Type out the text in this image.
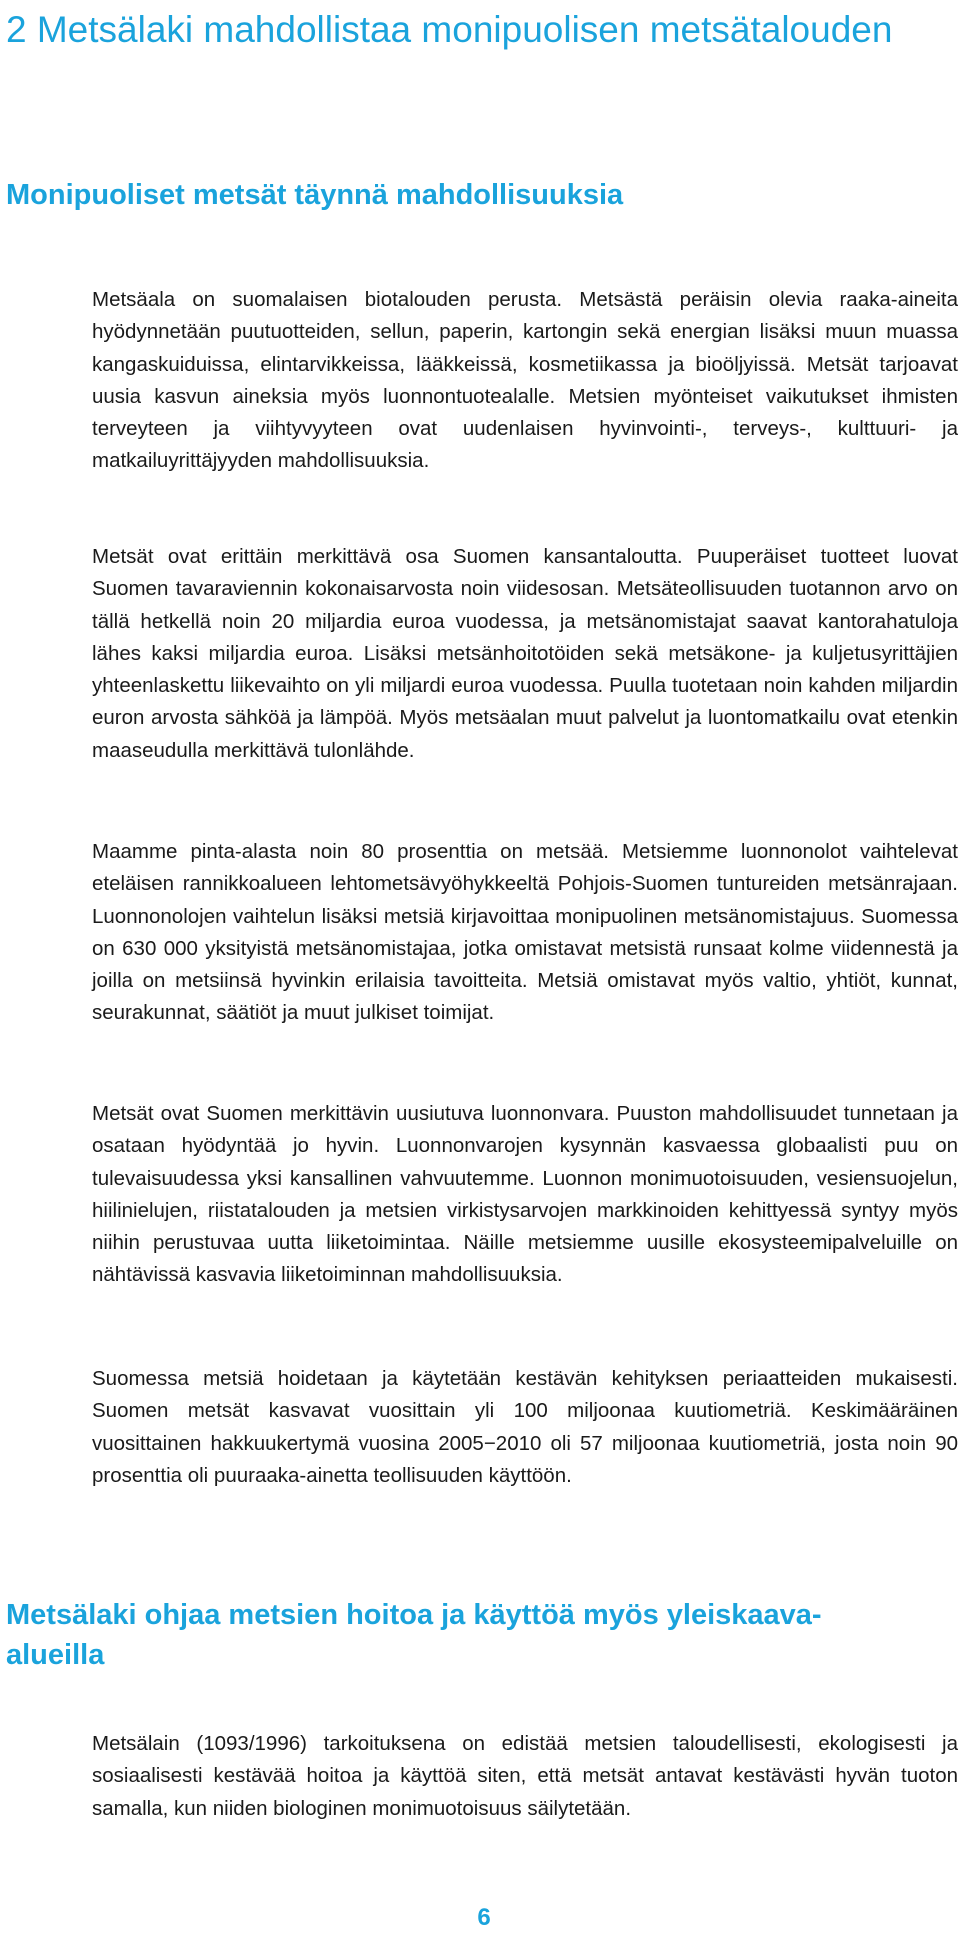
2 Metsälaki mahdollistaa monipuolisen metsätalouden
Monipuoliset metsät täynnä mahdollisuuksia

Metsäala on suomalaisen biotalouden perusta. Metsästä peräisin olevia raaka-aineita hyödynnetään puutuotteiden, sellun, paperin, kartongin sekä energian lisäksi muun muassa kangaskuiduissa, elintarvikkeissa, lääkkeissä, kosmetiikassa ja bioöljyissä. Metsät tarjoavat uusia kasvun aineksia myös luonnontuotealalle. Metsien myönteiset vaikutukset ihmisten terveyteen ja viihtyvyyteen ovat uudenlaisen hyvinvointi-, terveys-, kulttuuri- ja matkailuyrittäjyyden mahdollisuuksia.

Metsät ovat erittäin merkittävä osa Suomen kansantaloutta. Puuperäiset tuotteet luovat Suomen tavaraviennin kokonaisarvosta noin viidesosan. Metsäteollisuuden tuotannon arvo on tällä hetkellä noin 20 miljardia euroa vuodessa, ja metsänomistajat saavat kantorahatuloja lähes kaksi miljardia euroa. Lisäksi metsänhoitotöiden sekä metsäkone- ja kuljetusyrittäjien yhteenlaskettu liikevaihto on yli miljardi euroa vuodessa. Puulla tuotetaan noin kahden miljardin euron arvosta sähköä ja lämpöä. Myös metsäalan muut palvelut ja luontomatkailu ovat etenkin maaseudulla merkittävä tulonlähde.

Maamme pinta-alasta noin 80 prosenttia on metsää. Metsiemme luonnonolot vaihtelevat eteläisen rannikkoalueen lehtometsävyöhykkeeltä Pohjois-Suomen tuntureiden metsänrajaan. Luonnonolojen vaihtelun lisäksi metsiä kirjavoittaa monipuolinen metsänomistajuus. Suomessa on 630 000 yksityistä metsänomistajaa, jotka omistavat metsistä runsaat kolme viidennestä ja joilla on metsiinsä hyvinkin erilaisia tavoitteita. Metsiä omistavat myös valtio, yhtiöt, kunnat, seurakunnat, säätiöt ja muut julkiset toimijat.

Metsät ovat Suomen merkittävin uusiutuva luonnonvara. Puuston mahdollisuudet tunnetaan ja osataan hyödyntää jo hyvin. Luonnonvarojen kysynnän kasvaessa globaalisti puu on tulevaisuudessa yksi kansallinen vahvuutemme. Luonnon monimuotoisuuden, vesiensuojelun, hiilinielujen, riistatalouden ja metsien virkistysarvojen markkinoiden kehittyessä syntyy myös niihin perustuvaa uutta liiketoimintaa. Näille metsiemme uusille ekosysteemipalveluille on nähtävissä kasvavia liiketoiminnan mahdollisuuksia.

Suomessa metsiä hoidetaan ja käytetään kestävän kehityksen periaatteiden mukaisesti. Suomen metsät kasvavat vuosittain yli 100 miljoonaa kuutiometriä. Keskimääräinen vuosittainen hakkuukertymä vuosina 2005−2010 oli 57 miljoonaa kuutiometriä, josta noin 90 prosenttia oli puuraaka-ainetta teollisuuden käyttöön.

Metsälaki ohjaa metsien hoitoa ja käyttöä myös yleiskaava-alueilla

Metsälain (1093/1996) tarkoituksena on edistää metsien taloudellisesti, ekologisesti ja sosiaalisesti kestävää hoitoa ja käyttöä siten, että metsät antavat kestävästi hyvän tuoton samalla, kun niiden biologinen monimuotoisuus säilytetään.

6
